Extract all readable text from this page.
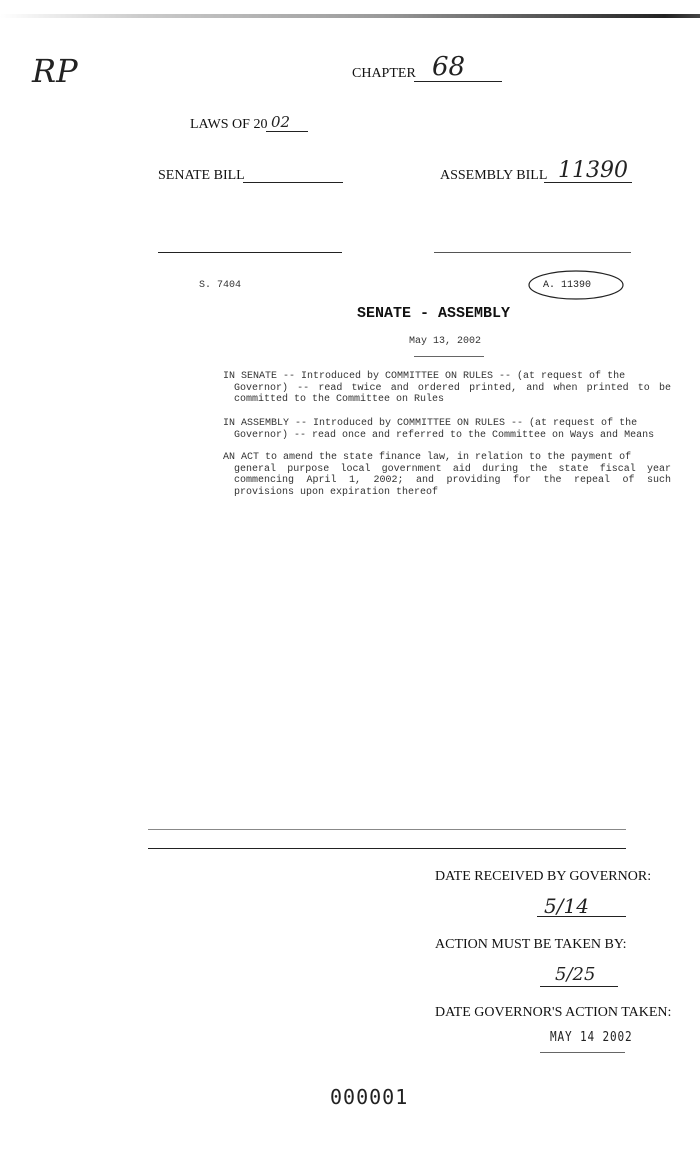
RP	CHAPTER 68
LAWS OF 20 02
SENATE BILL	ASSEMBLY BILL 11390
S. 7404	A. 11390
SENATE - ASSEMBLY
May 13, 2002
IN SENATE -- Introduced by COMMITTEE ON RULES -- (at request of the
Governor) -- read twice and ordered printed, and when printed to be committed to the Committee on Rules
IN ASSEMBLY -- Introduced by COMMITTEE ON RULES -- (at request of the
Governor) -- read once and referred to the Committee on Ways and Means
AN ACT to amend the state finance law, in relation to the payment of
general purpose local government aid during the state fiscal year commencing April 1, 2002; and providing for the repeal of such provisions upon expiration thereof
DATE RECEIVED BY GOVERNOR:
5/14
ACTION MUST BE TAKEN BY:
5/25
DATE GOVERNOR'S ACTION TAKEN:
MAY 14 2002
000001
